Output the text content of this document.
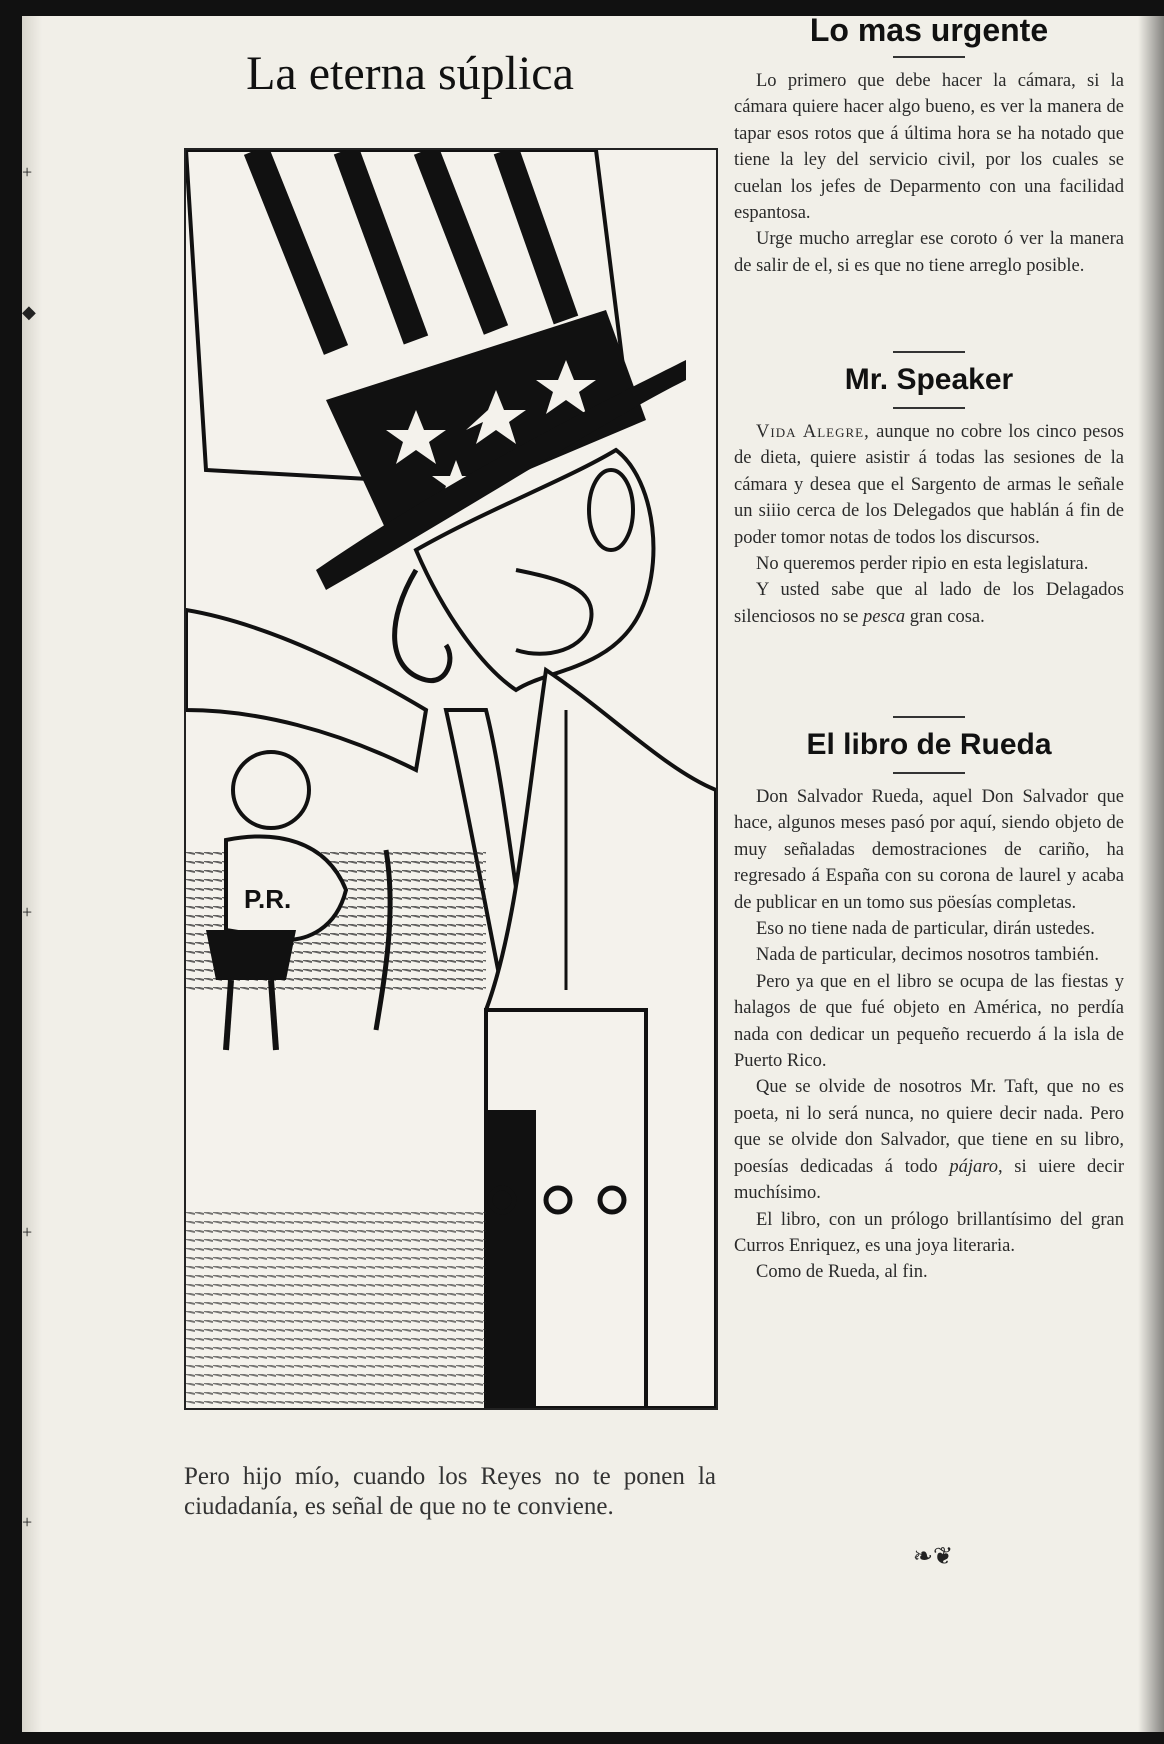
+
◆
+
+
+
La eterna súplica
P.R.

Pero hijo mío, cuando los Reyes no te ponen la ciudadanía, es señal de que no te conviene.

Lo mas urgente

Lo primero que debe hacer la cámara, si la cámara quiere hacer algo bueno, es ver la manera de tapar esos rotos que á última hora se ha notado que tiene la ley del servicio civil, por los cuales se cuelan los jefes de Deparmento con una facilidad espantosa.

Urge mucho arreglar ese coroto ó ver la manera de salir de el, si es que no tiene arreglo posible.

Mr. Speaker

Vida Alegre, aunque no cobre los cinco pesos de dieta, quiere asistir á todas las sesiones de la cámara y desea que el Sargento de armas le señale un siiio cerca de los Delegados que hablán á fin de poder tomor notas de todos los discursos.

No queremos perder ripio en esta legislatura.

Y usted sabe que al lado de los Delagados silenciosos no se pesca gran cosa.

El libro de Rueda

Don Salvador Rueda, aquel Don Salvador que hace, algunos meses pasó por aquí, siendo objeto de muy señaladas demostraciones de cariño, ha regresado á España con su corona de laurel y acaba de publicar en un tomo sus pöesías completas.

Eso no tiene nada de particular, dirán ustedes.

Nada de particular, decimos nosotros también.

Pero ya que en el libro se ocupa de las fiestas y halagos de que fué objeto en América, no perdía nada con dedicar un pequeño recuerdo á la isla de Puerto Rico.

Que se olvide de nosotros Mr. Taft, que no es poeta, ni lo será nunca, no quiere decir nada. Pero que se olvide don Salvador, que tiene en su libro, poesías dedicadas á todo pájaro, si uiere decir muchísimo.

El libro, con un prólogo brillantísimo del gran Curros Enriquez, es una joya literaria.

Como de Rueda, al fin.

❧❦
